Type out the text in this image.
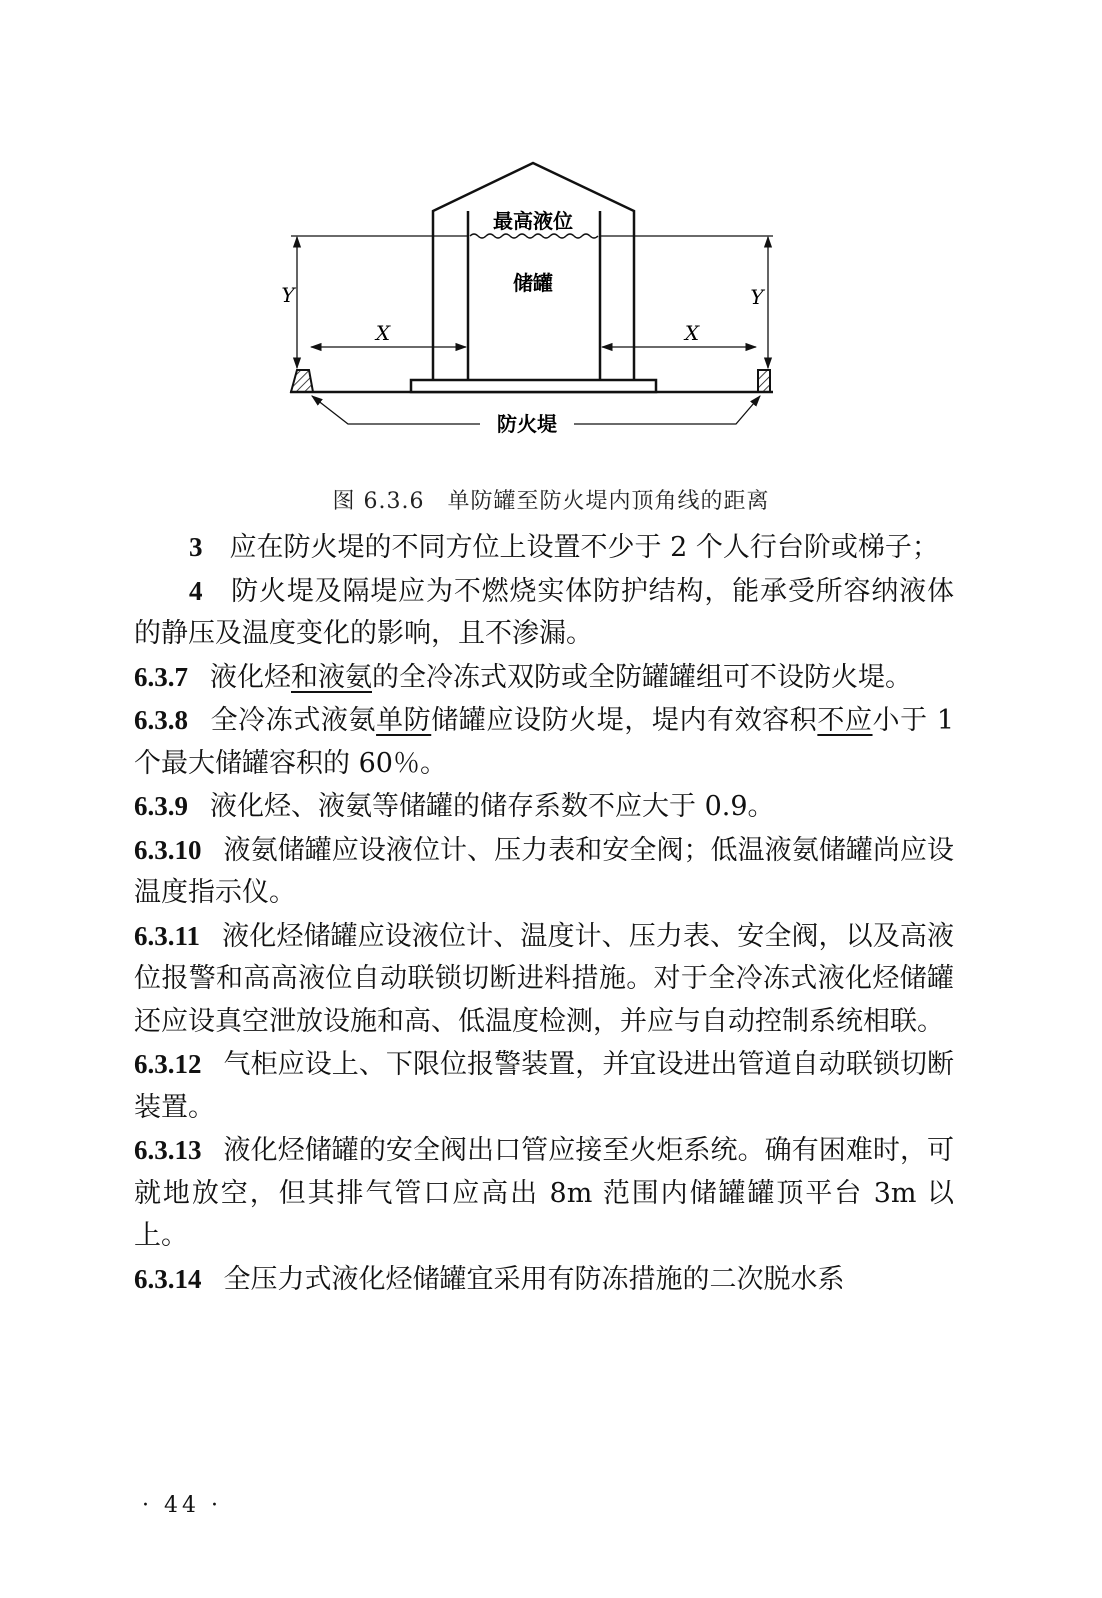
最高液位
储罐
Y	Y
X	X
防火堤
图 6.3.6　单防罐至防火堤内顶角线的距离

3　 应在防火堤的不同方位上设置不少于 2 个人行台阶或梯子；

4　 防火堤及隔堤应为不燃烧实体防护结构，能承受所容纳液体的静压及温度变化的影响，且不渗漏。

6.3.7 液化烃和液氨的全冷冻式双防或全防罐罐组可不设防火堤。

6.3.8 全冷冻式液氨单防储罐应设防火堤，堤内有效容积不应小于 1 个最大储罐容积的 60％。

6.3.9 液化烃、液氨等储罐的储存系数不应大于 0.9。

6.3.10 液氨储罐应设液位计、压力表和安全阀；低温液氨储罐尚应设温度指示仪。

6.3.11 液化烃储罐应设液位计、温度计、压力表、安全阀，以及高液位报警和高高液位自动联锁切断进料措施。对于全冷冻式液化烃储罐还应设真空泄放设施和高、低温度检测，并应与自动控制系统相联。

6.3.12 气柜应设上、下限位报警装置，并宜设进出管道自动联锁切断装置。

6.3.13 液化烃储罐的安全阀出口管应接至火炬系统。确有困难时，可就地放空，但其排气管口应高出 8m 范围内储罐罐顶平台 3m 以上。

6.3.14 全压力式液化烃储罐宜采用有防冻措施的二次脱水系

· 44 ·
